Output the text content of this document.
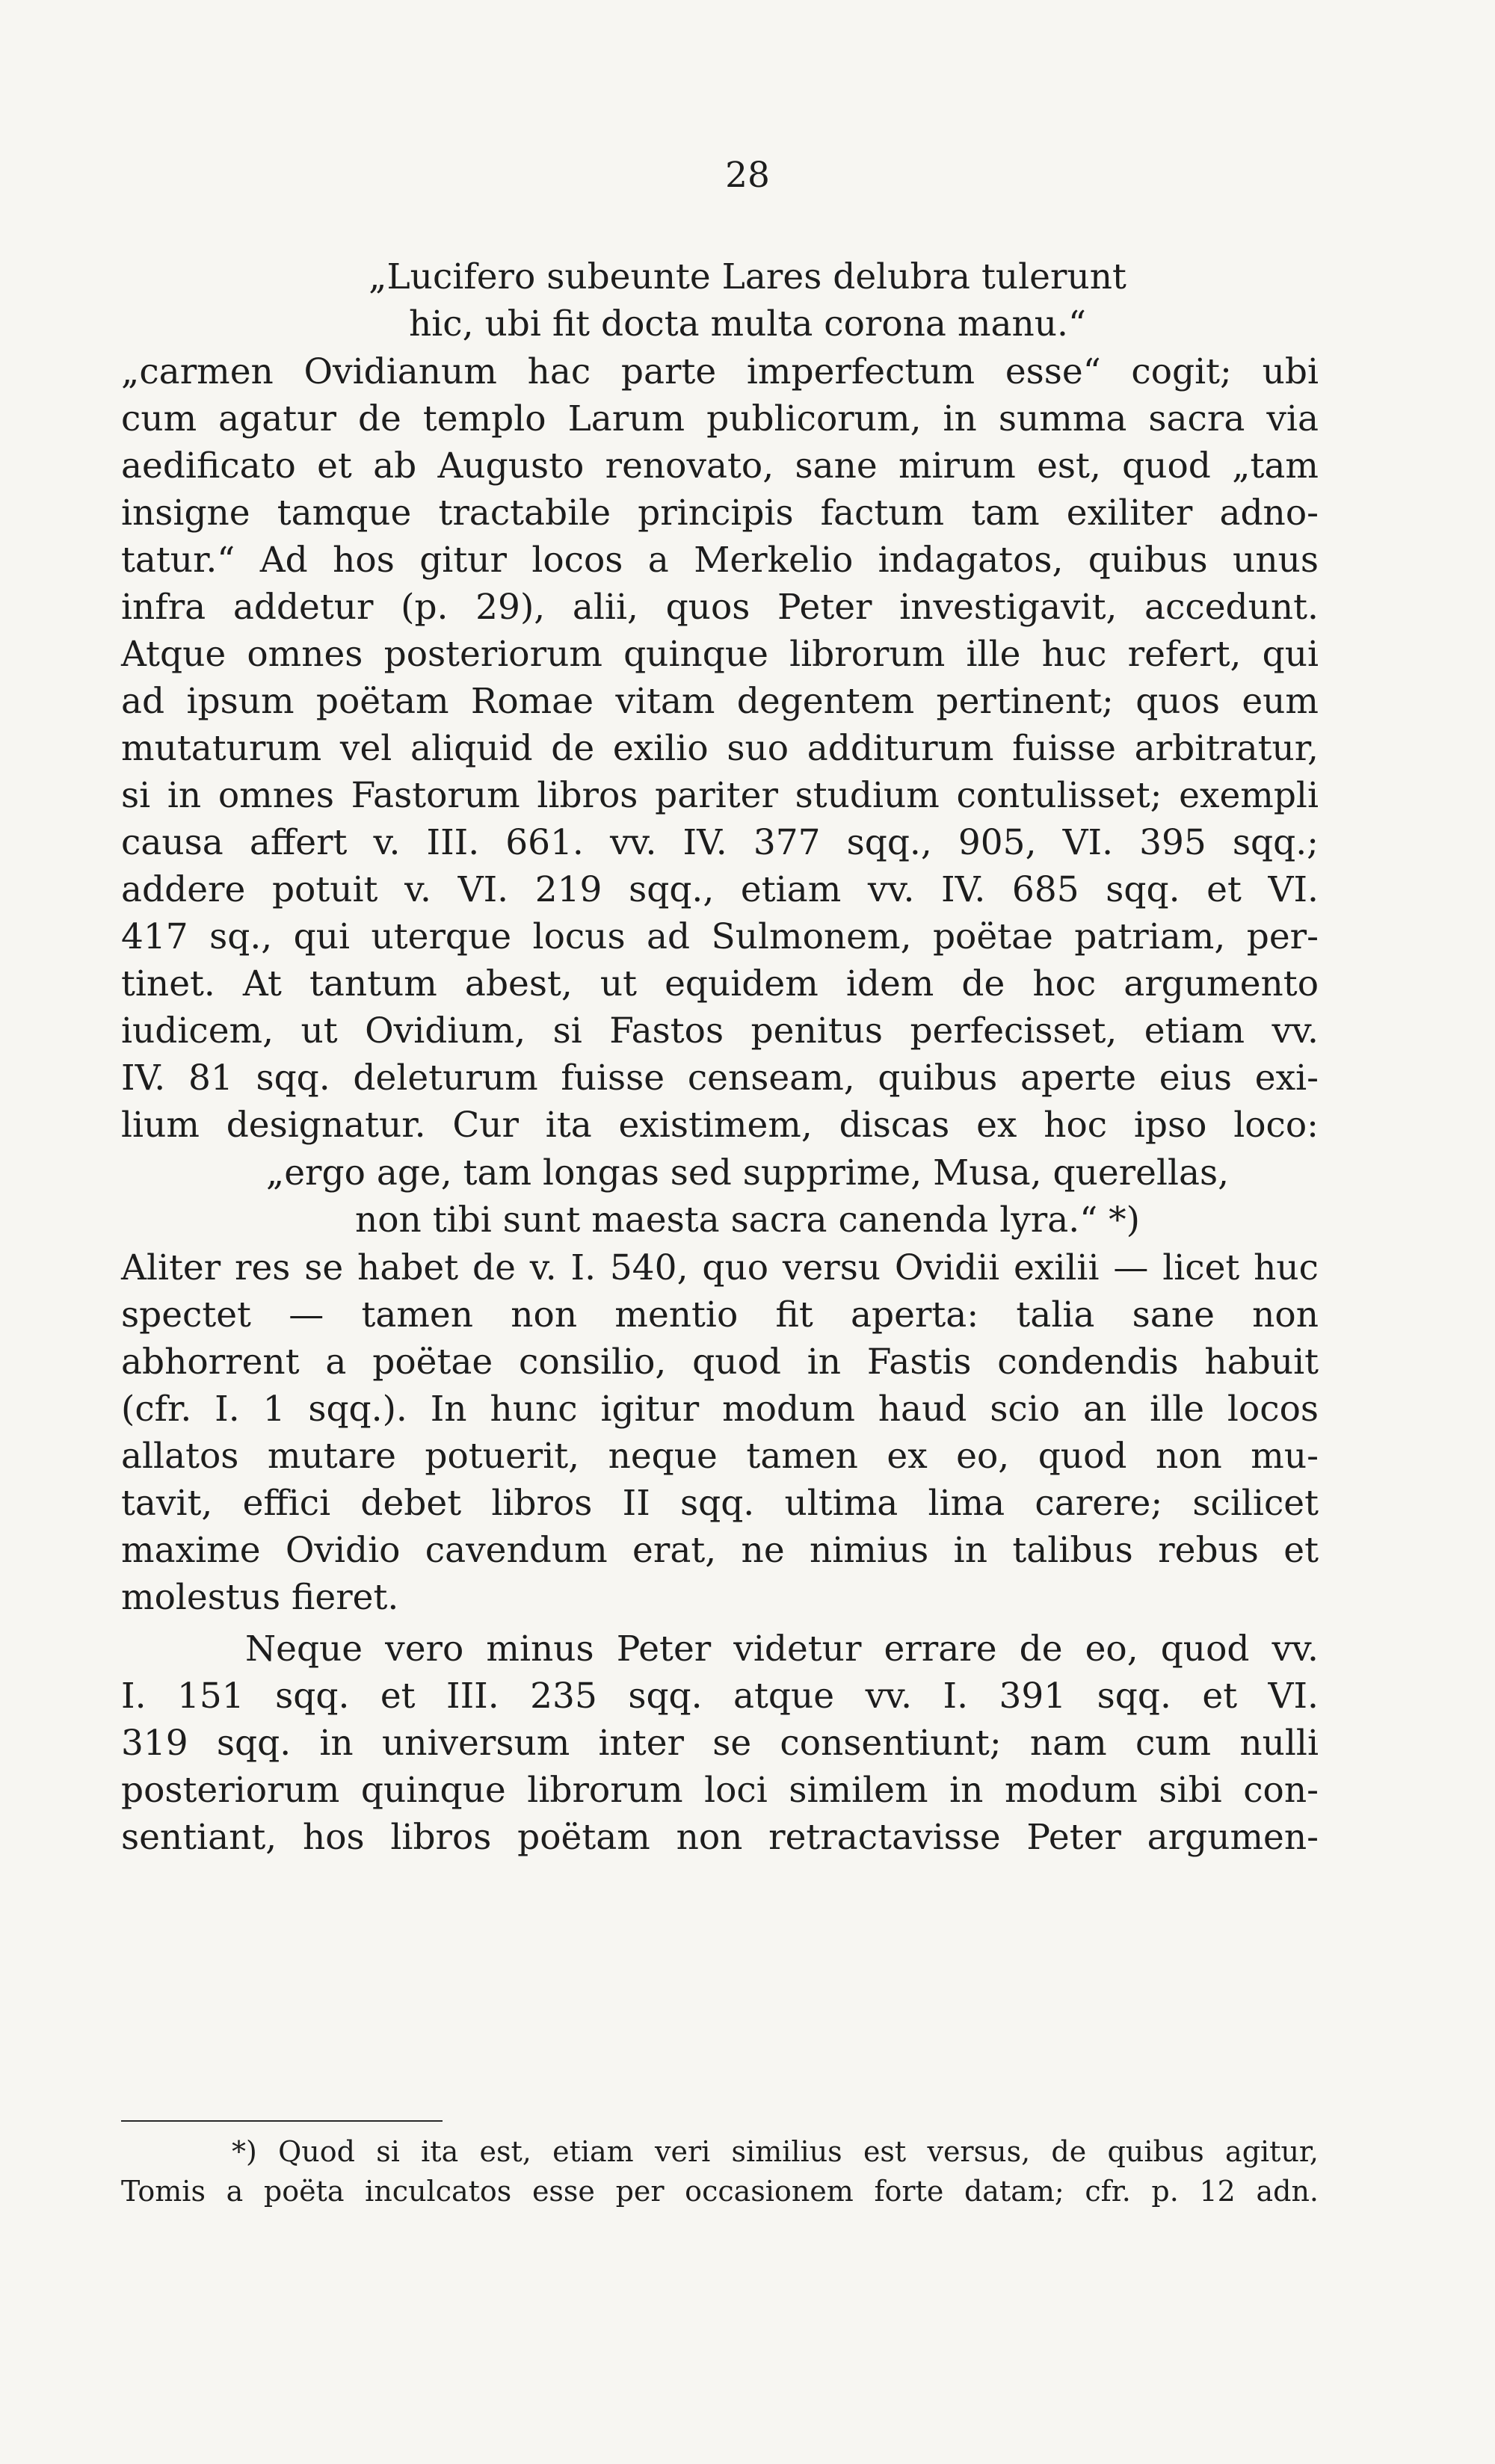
28
„Lucifero subeunte Lares delubra tulerunt
hic, ubi fit docta multa corona manu.“
„carmen Ovidianum hac parte imperfectum esse“ cogit; ubi
cum agatur de templo Larum publicorum, in summa sacra via
aedificato et ab Augusto renovato, sane mirum est, quod „tam
insigne tamque tractabile principis factum tam exiliter adno-
tatur.“ Ad hos gitur locos a Merkelio indagatos, quibus unus
infra addetur (p. 29), alii, quos Peter investigavit, accedunt.
Atque omnes posteriorum quinque librorum ille huc refert, qui
ad ipsum poëtam Romae vitam degentem pertinent; quos eum
mutaturum vel aliquid de exilio suo additurum fuisse arbitratur,
si in omnes Fastorum libros pariter studium contulisset; exempli
causa affert v. III. 661. vv. IV. 377 sqq., 905, VI. 395 sqq.;
addere potuit v. VI. 219 sqq., etiam vv. IV. 685 sqq. et VI.
417 sq., qui uterque locus ad Sulmonem, poëtae patriam, per-
tinet. At tantum abest, ut equidem idem de hoc argumento
iudicem, ut Ovidium, si Fastos penitus perfecisset, etiam vv.
IV. 81 sqq. deleturum fuisse censeam, quibus aperte eius exi-
lium designatur. Cur ita existimem, discas ex hoc ipso loco:
„ergo age, tam longas sed supprime, Musa, querellas,
non tibi sunt maesta sacra canenda lyra.“ *)
Aliter res se habet de v. I. 540, quo versu Ovidii exilii — licet huc
spectet — tamen non mentio fit aperta: talia sane non
abhorrent a poëtae consilio, quod in Fastis condendis habuit
(cfr. I. 1 sqq.). In hunc igitur modum haud scio an ille locos
allatos mutare potuerit, neque tamen ex eo, quod non mu-
tavit, effici debet libros II sqq. ultima lima carere; scilicet
maxime Ovidio cavendum erat, ne nimius in talibus rebus et
molestus fieret.
Neque vero minus Peter videtur errare de eo, quod vv.
I. 151 sqq. et III. 235 sqq. atque vv. I. 391 sqq. et VI.
319 sqq. in universum inter se consentiunt; nam cum nulli
posteriorum quinque librorum loci similem in modum sibi con-
sentiant, hos libros poëtam non retractavisse Peter argumen-
*) Quod si ita est, etiam veri similius est versus, de quibus agitur,
Tomis a poëta inculcatos esse per occasionem forte datam; cfr. p. 12 adn.
